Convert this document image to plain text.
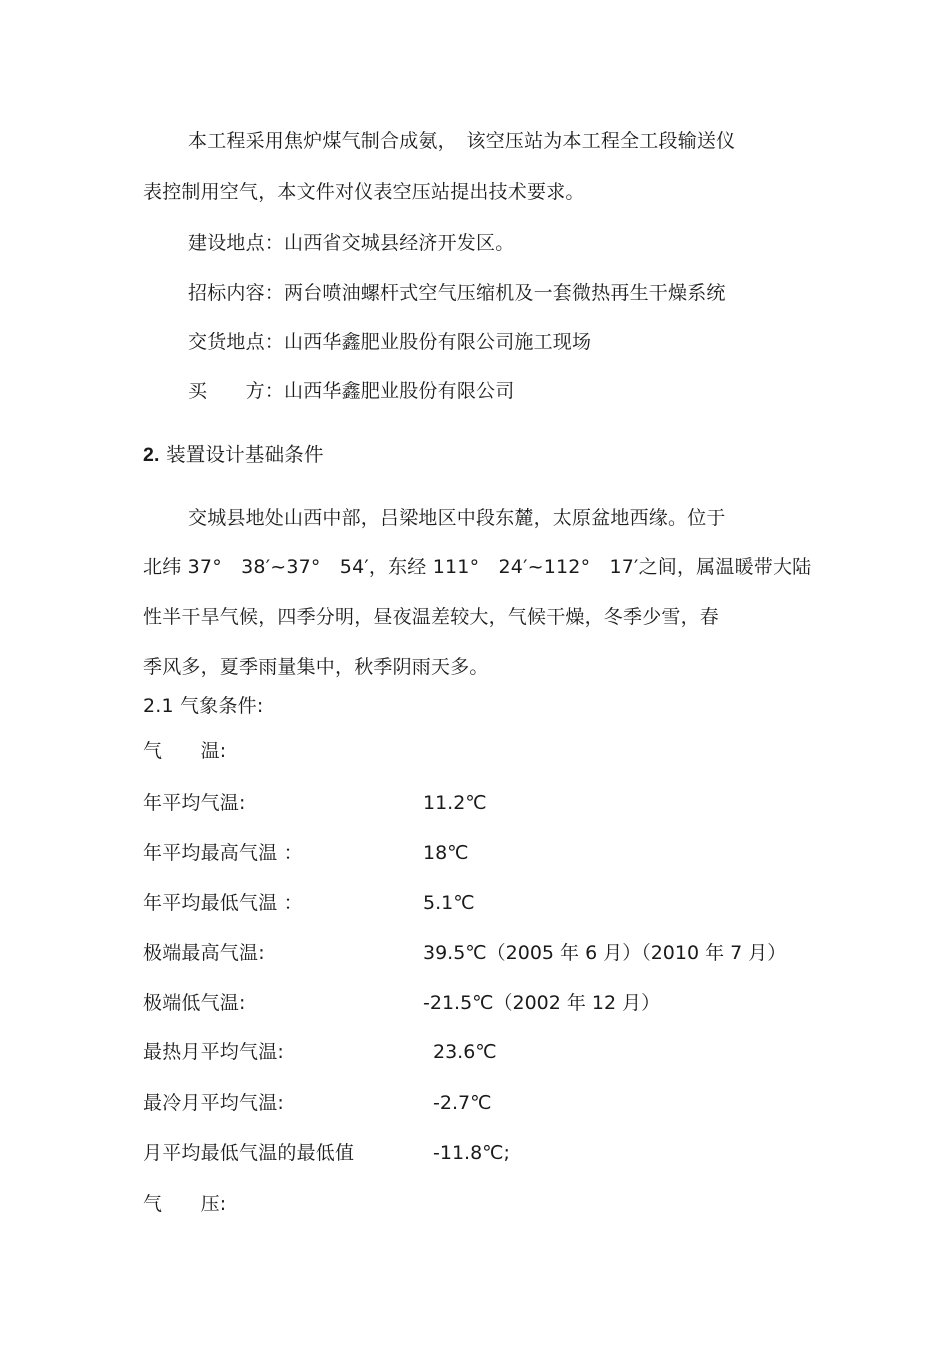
本工程采用焦炉煤气制合成氨，　该空压站为本工程全工段输送仪
表控制用空气，本文件对仪表空压站提出技术要求。
建设地点：山西省交城县经济开发区。
招标内容：两台喷油螺杆式空气压缩机及一套微热再生干燥系统
交货地点：山西华鑫肥业股份有限公司施工现场
买　　方：山西华鑫肥业股份有限公司
2. 装置设计基础条件
交城县地处山西中部，吕梁地区中段东麓，太原盆地西缘。位于
北纬 37°　38′~37°　54′，东经 111°　24′~112°　17′之间，属温暖带大陆
性半干旱气候，四季分明，昼夜温差较大，气候干燥，冬季少雪，春
季风多，夏季雨量集中，秋季阴雨天多。
2.1 气象条件:
气　　温:
年平均气温:	11.2℃
年平均最高气温 ：	18℃
年平均最低气温 ：	5.1℃
极端最高气温:	39.5℃（2005 年 6 月）（2010 年 7 月）
极端低气温:	-21.5℃（2002 年 12 月）
最热月平均气温:	23.6℃
最冷月平均气温:	-2.7℃
月平均最低气温的最低值	-11.8℃;
气　　压:
